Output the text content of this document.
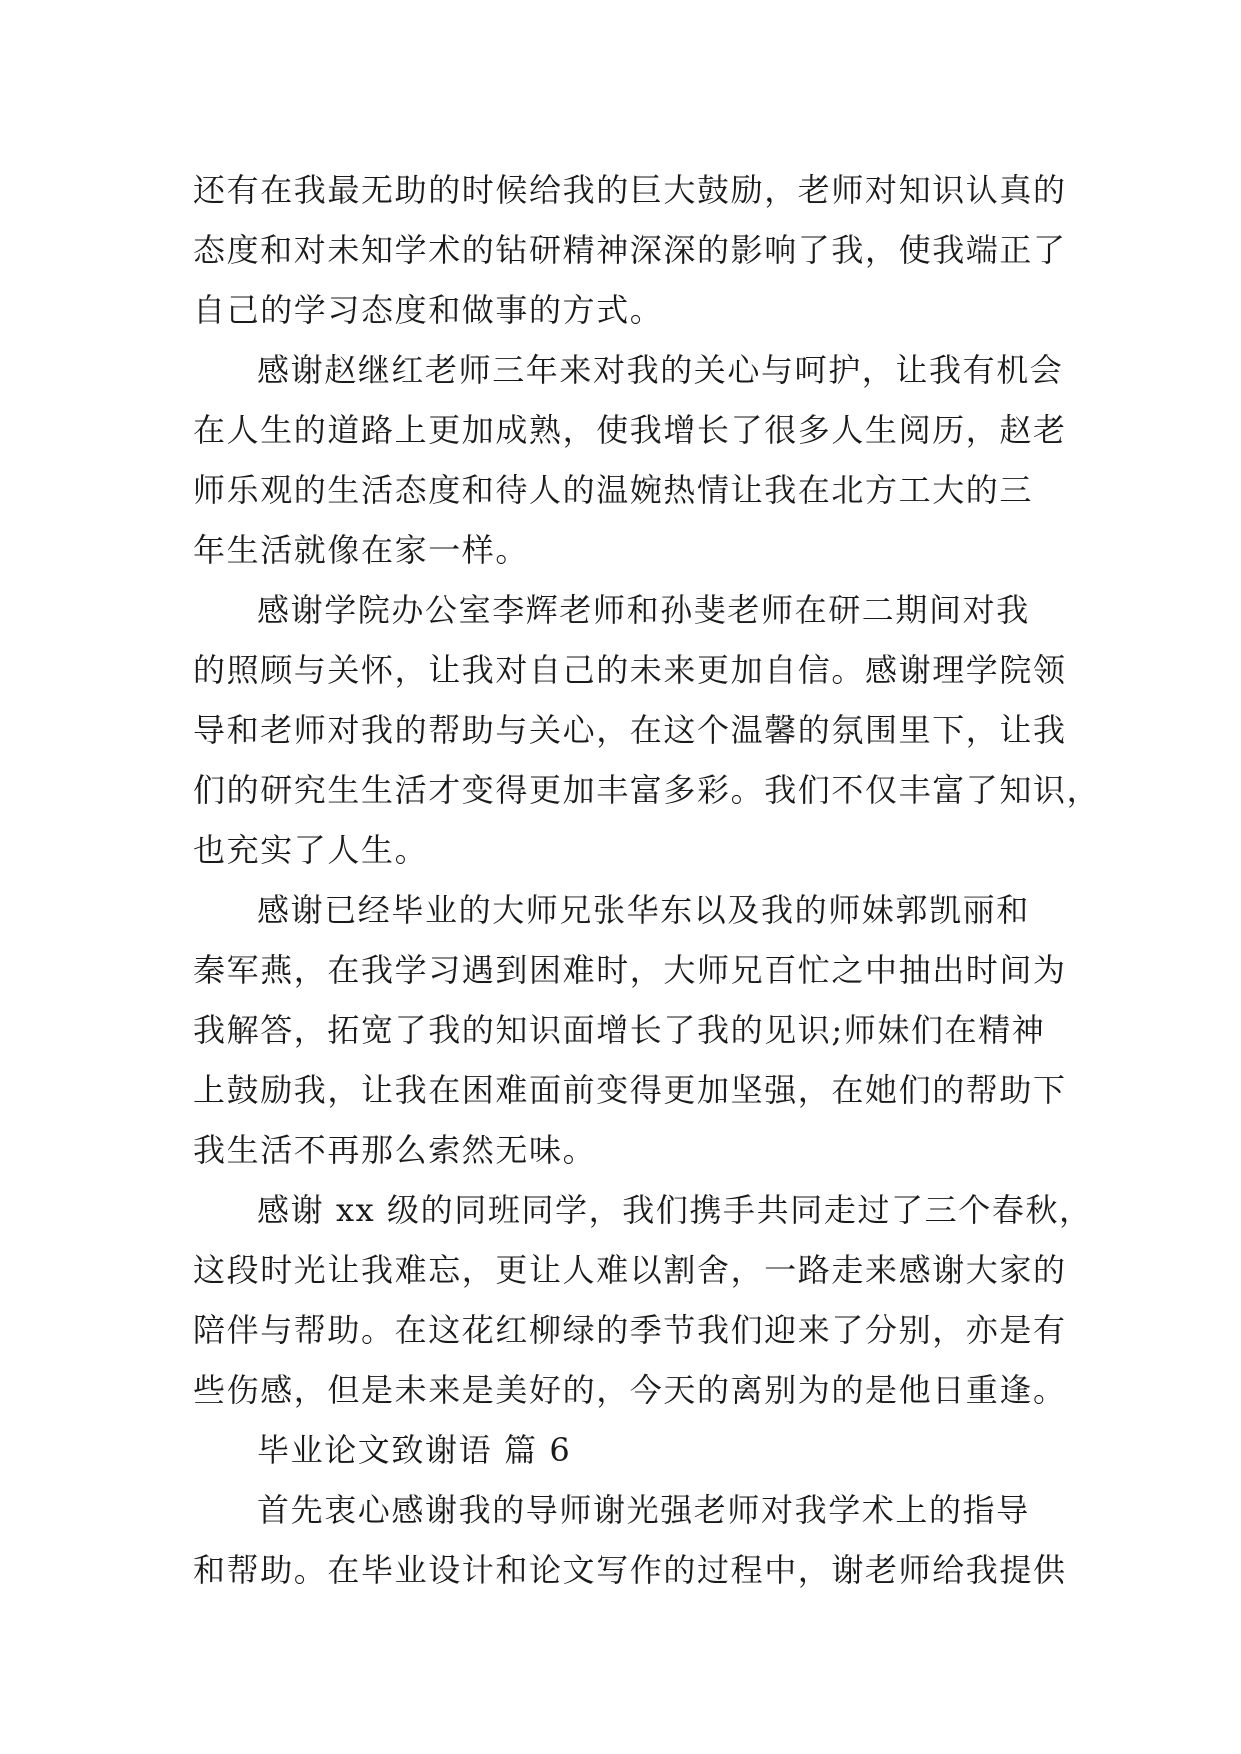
还有在我最无助的时候给我的巨大鼓励，老师对知识认真的
态度和对未知学术的钻研精神深深的影响了我，使我端正了
自己的学习态度和做事的方式。
感谢赵继红老师三年来对我的关心与呵护，让我有机会
在人生的道路上更加成熟，使我增长了很多人生阅历，赵老
师乐观的生活态度和待人的温婉热情让我在北方工大的三
年生活就像在家一样。
感谢学院办公室李辉老师和孙斐老师在研二期间对我
的照顾与关怀，让我对自己的未来更加自信。感谢理学院领
导和老师对我的帮助与关心，在这个温馨的氛围里下，让我
们的研究生生活才变得更加丰富多彩。我们不仅丰富了知识，
也充实了人生。
感谢已经毕业的大师兄张华东以及我的师妹郭凯丽和
秦军燕，在我学习遇到困难时，大师兄百忙之中抽出时间为
我解答，拓宽了我的知识面增长了我的见识;师妹们在精神
上鼓励我，让我在困难面前变得更加坚强，在她们的帮助下
我生活不再那么索然无味。
感谢 xx 级的同班同学，我们携手共同走过了三个春秋，
这段时光让我难忘，更让人难以割舍，一路走来感谢大家的
陪伴与帮助。在这花红柳绿的季节我们迎来了分别，亦是有
些伤感，但是未来是美好的，今天的离别为的是他日重逢。
毕业论文致谢语 篇 6
首先衷心感谢我的导师谢光强老师对我学术上的指导
和帮助。在毕业设计和论文写作的过程中，谢老师给我提供
